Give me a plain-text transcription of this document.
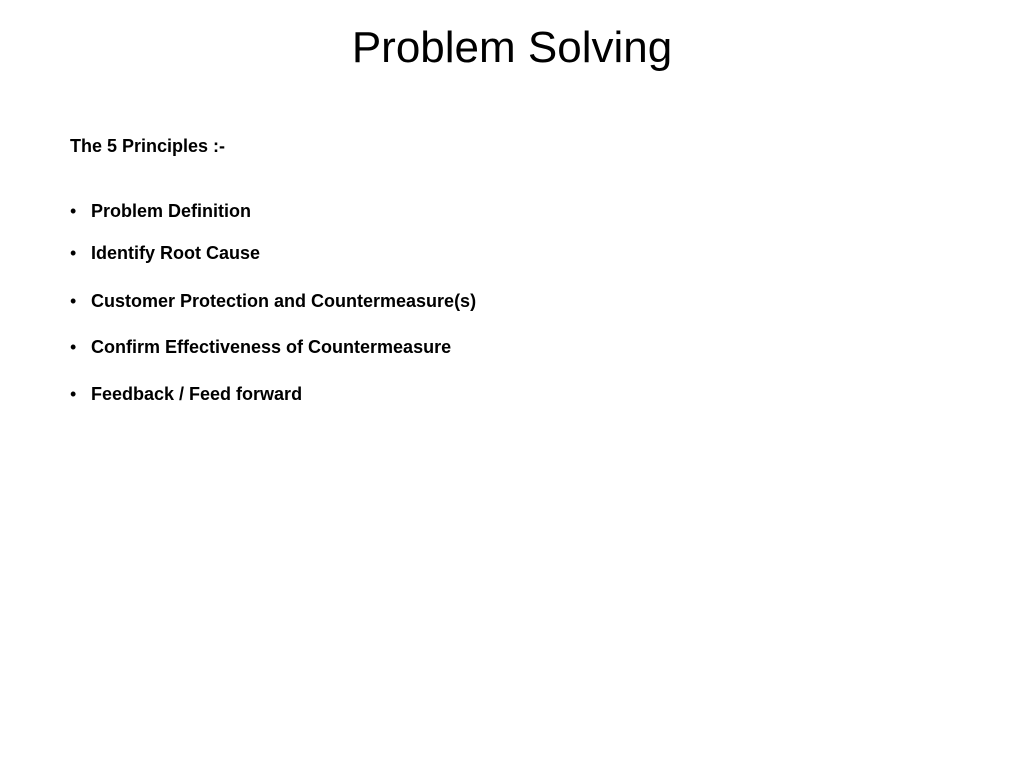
Problem Solving
The 5 Principles :-
• Problem Definition
• Identify Root Cause
• Customer Protection and Countermeasure(s)
• Confirm Effectiveness of Countermeasure
• Feedback / Feed forward
